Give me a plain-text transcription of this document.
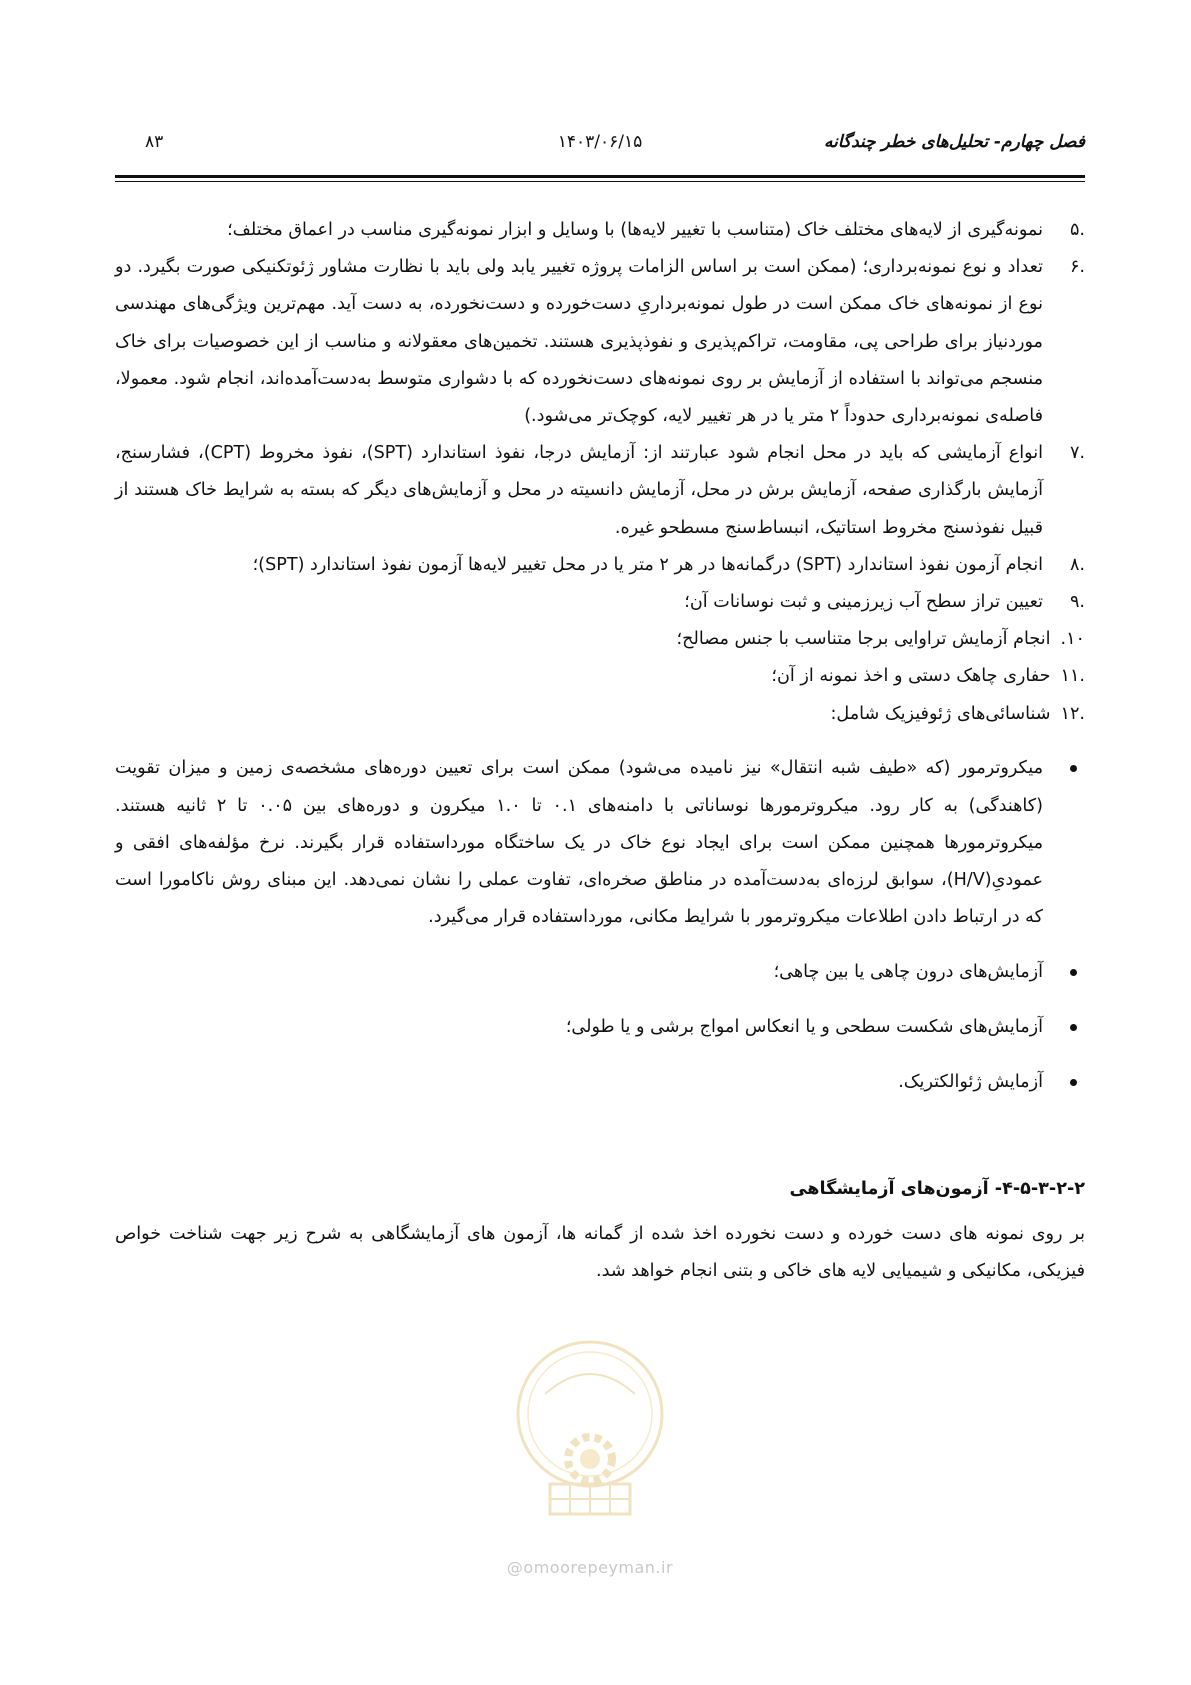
فصل چهارم- تحلیل‌های خطر چندگانه
۱۴۰۳/۰۶/۱۵
۸۳

.۵
نمونه‌گیری از لایه‌های مختلف خاک (متناسب با تغییر لایه‌ها) با وسایل و ابزار نمونه‌گیری مناسب در اعماق مختلف؛

.۶
تعداد و نوع نمونه‌برداری؛ (ممکن است بر اساس الزامات پروژه تغییر یابد ولی باید با نظارت مشاور ژئوتکنیکی صورت بگیرد. دو نوع از نمونه‌های خاک ممکن است در طول نمونه‌برداریِ دست‌خورده و دست‌نخورده، به دست آید. مهم‌ترین ویژگی‌های مهندسی موردنیاز برای طراحی پی، مقاومت، تراکم‌پذیری و نفوذپذیری هستند. تخمین‌های معقولانه و مناسب از این خصوصیات برای خاک منسجم می‌تواند با استفاده از آزمایش بر روی نمونه‌های دست‌نخورده که با دشواری متوسط به‌دست‌آمده‌اند، انجام شود. معمولا، فاصله‌ی نمونه‌برداری حدوداً ۲ متر یا در هر تغییر لایه، کوچک‌تر می‌شود.)

.۷
انواع آزمایشی که باید در محل انجام شود عبارتند از: آزمایش درجا، نفوذ استاندارد (SPT)، نفوذ مخروط (CPT)، فشارسنج، آزمایش بارگذاری صفحه، آزمایش برش در محل، آزمایش دانسیته در محل و آزمایش‌های دیگر که بسته به شرایط خاک هستند از قبیل نفوذسنج مخروط استاتیک، انبساط‌سنج مسطحو غیره.

.۸
انجام آزمون نفوذ استاندارد (SPT) درگمانه‌ها در هر ۲ متر یا در محل تغییر لایه‌ها آزمون نفوذ استاندارد (SPT)؛

.۹
تعیین تراز سطح آب زیرزمینی و ثبت نوسانات آن؛

۱۰.انجام آزمایش تراوایی برجا متناسب با جنس مصالح؛

.۱۱حفاری چاهک دستی و اخذ نمونه از آن؛

.۱۲شناسائی‌های ژئوفیزیک شامل:

میکروترمور (که «طیف شبه انتقال» نیز نامیده می‌شود) ممکن است برای تعیین دوره‌های مشخصه‌ی زمین و میزان تقویت (کاهندگی) به کار رود. میکروترمورها نوساناتی با دامنه‌های ۰.۱ تا ۱.۰ میکرون و دوره‌های بین ۰.۰۵ تا ۲ ثانیه هستند. میکروترمورها همچنین ممکن است برای ایجاد نوع خاک در یک ساختگاه مورداستفاده قرار بگیرند. نرخ مؤلفه‌های افقی و عمودیِ(H/V)، سوابق لرزه‌ای به‌دست‌آمده در مناطق صخره‌ای، تفاوت عملی را نشان نمی‌دهد. این مبنای روش ناکامورا است که در ارتباط دادن اطلاعات میکروترمور با شرایط مکانی، مورداستفاده قرار می‌گیرد.

آزمایش‌های درون چاهی یا بین چاهی؛

آزمایش‌های شکست سطحی و یا انعکاس امواج برشی و یا طولی؛

آزمایش ژئوالکتریک.

۴-۵-۳-۲-۲- آزمون‌های آزمایشگاهی

بر روی نمونه های دست خورده و دست نخورده اخذ شده از گمانه ها، آزمون های آزمایشگاهی به شرح زیر جهت شناخت خواص فیزیکی، مکانیکی و شیمیایی لایه های خاکی و بتنی انجام خواهد شد.

@omoorepeyman.ir
